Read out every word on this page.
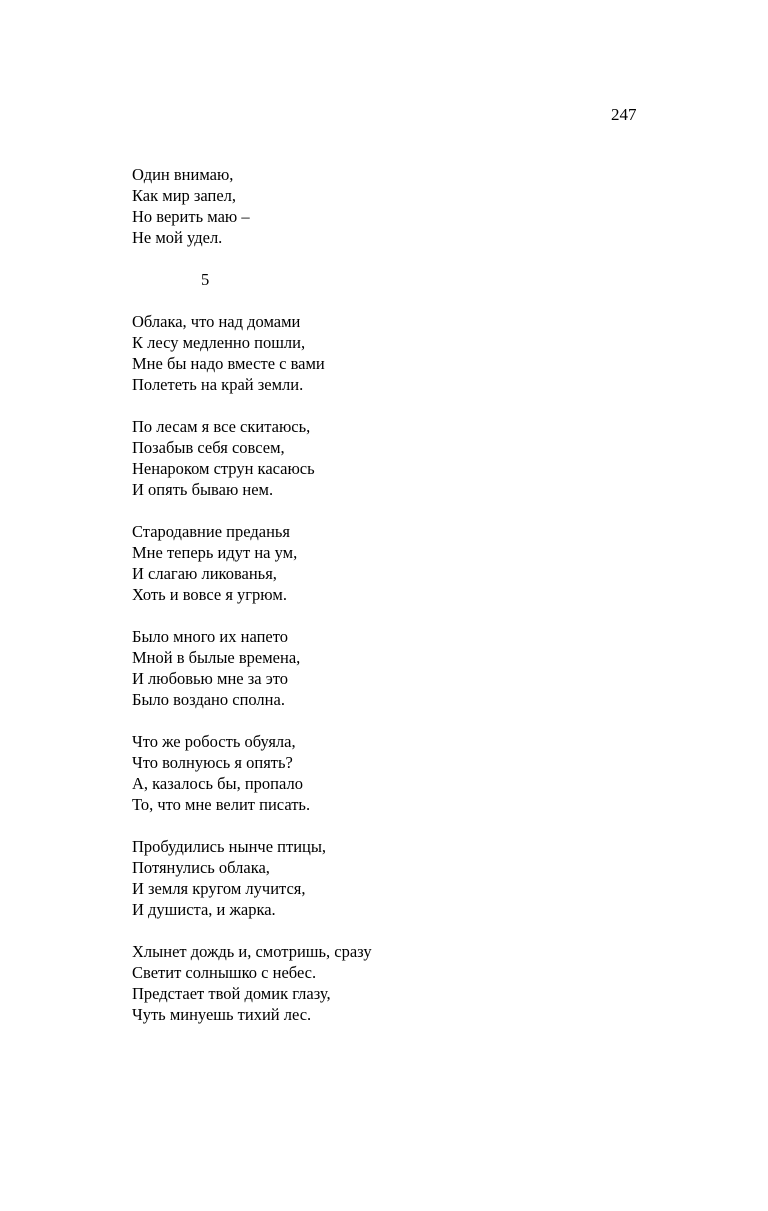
247
Один внимаю,
Как мир запел,
Но верить маю –
Не мой удел.
5
Облака, что над домами
К лесу медленно пошли,
Мне бы надо вместе с вами
Полететь на край земли.
По лесам я все скитаюсь,
Позабыв себя совсем,
Ненароком струн касаюсь
И опять бываю нем.
Стародавние преданья
Мне теперь идут на ум,
И слагаю ликованья,
Хоть и вовсе я угрюм.
Было много их напето
Мной в былые времена,
И любовью мне за это
Было воздано сполна.
Что же робость обуяла,
Что волнуюсь я опять?
А, казалось бы, пропало
То, что мне велит писать.
Пробудились нынче птицы,
Потянулись облака,
И земля кругом лучится,
И душиста, и жарка.
Хлынет дождь и, смотришь, сразу
Светит солнышко с небес.
Предстает твой домик глазу,
Чуть минуешь тихий лес.
